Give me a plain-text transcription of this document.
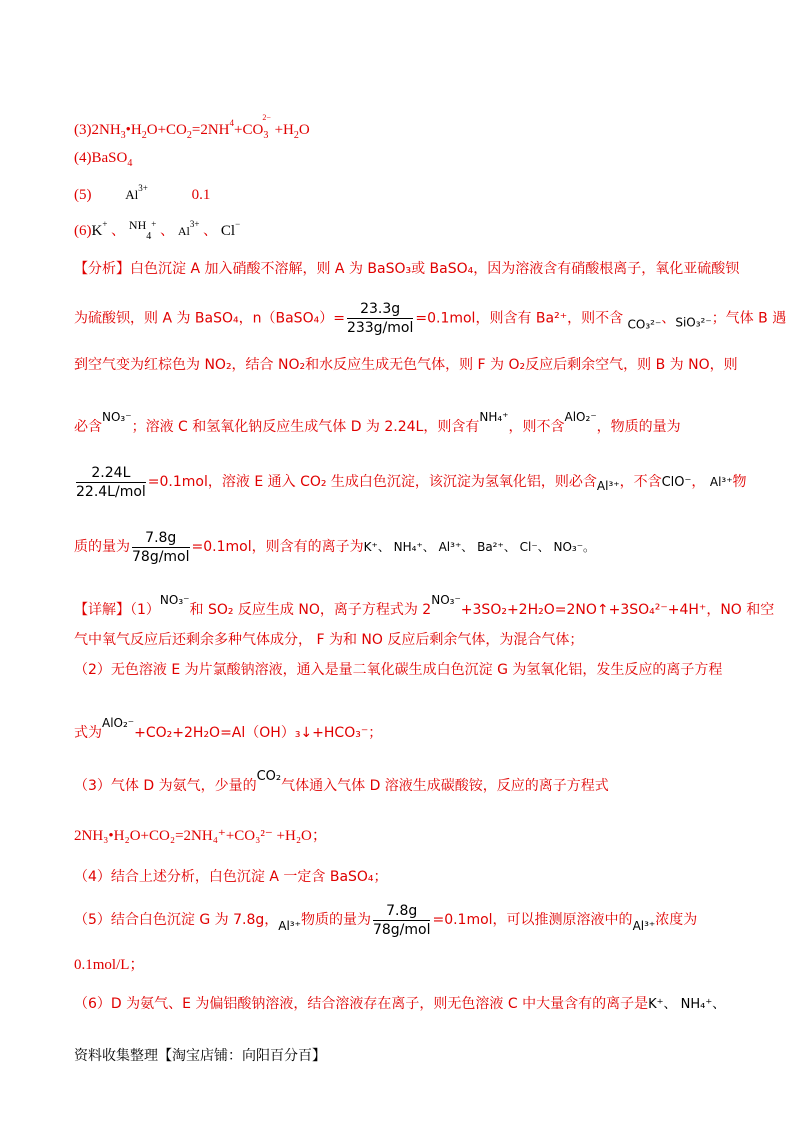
$(3)2NH_3•H_2O+CO_2=2NH^4+CO_3^{2-} +H_2O$
(4)BaSO$_4$
(5)	$Al^{3+}$	0.1
(6)K+ 、 $^{NH}_4$+ 、 $Al^{3+}$ 、 Cl−
【分析】白色沉淀 A 加入硝酸不溶解，则 A 为 BaSO₃或 BaSO₄，因为溶液含有硝酸根离子，氧化亚硫酸钡
为硫酸钡，则 A 为 BaSO₄，n（BaSO₄）= $\frac{23.3g}{\text{233g/mol}} =0.1mol$，则含有 Ba²⁺，则不含 CO₃²⁻、SiO₃²⁻；气体 B 遇
到空气变为红棕色为 NO₂，结合 NO₂和水反应生成无色气体，则 F 为 O₂反应后剩余空气，则 B 为 NO，则
必含NO₃⁻；溶液 C 和氢氧化钠反应生成气体 D 为 2.24L，则含有NH₄⁺，则不含AlO₂⁻，物质的量为
$\frac{2.24L}{\text{22.4L/mol}} =0.1mol$，溶液 E 通入 CO₂ 生成白色沉淀，该沉淀为氢氧化铝，则必含Al³⁺，不含ClO⁻， Al³⁺物
质的量为 $\frac{7.8g}{\text{78g/mol}} =0.1mol$，则含有的离子为K⁺、 NH₄⁺、 Al³⁺、 Ba²⁺、 Cl⁻、 NO₃⁻。
【详解】（1）NO₃⁻和 SO₂ 反应生成 NO，离子方程式为 2NO₃⁻+3SO₂+2H₂O=2NO↑+3SO₄²⁻+4H⁺，NO 和空
气中氧气反应后还剩余多种气体成分， F 为和 NO 反应后剩余气体，为混合气体；
（2）无色溶液 E 为片氯酸钠溶液，通入是量二氧化碳生成白色沉淀 G 为氢氧化铝，发生反应的离子方程
式为AlO₂⁻+CO₂+2H₂O=Al（OH）₃↓+HCO₃⁻；
（3）气体 D 为氨气，少量的CO₂气体通入气体 D 溶液生成碳酸铵，反应的离子方程式
2NH₃•H₂O+CO₂=2NH₄⁺+CO₃²⁻ +H₂O；
（4）结合上述分析，白色沉淀 A 一定含 BaSO₄；
（5）结合白色沉淀 G 为 7.8g，Al³⁺物质的量为 $\frac{7.8g}{\text{78g/mol}} =0.1mol$，可以推测原溶液中的Al³⁺浓度为
0.1mol/L；
（6）D 为氨气、E 为偏铝酸钠溶液，结合溶液存在离子，则无色溶液 C 中大量含有的离子是K⁺、 NH₄⁺、
资料收集整理【淘宝店铺：向阳百分百】
